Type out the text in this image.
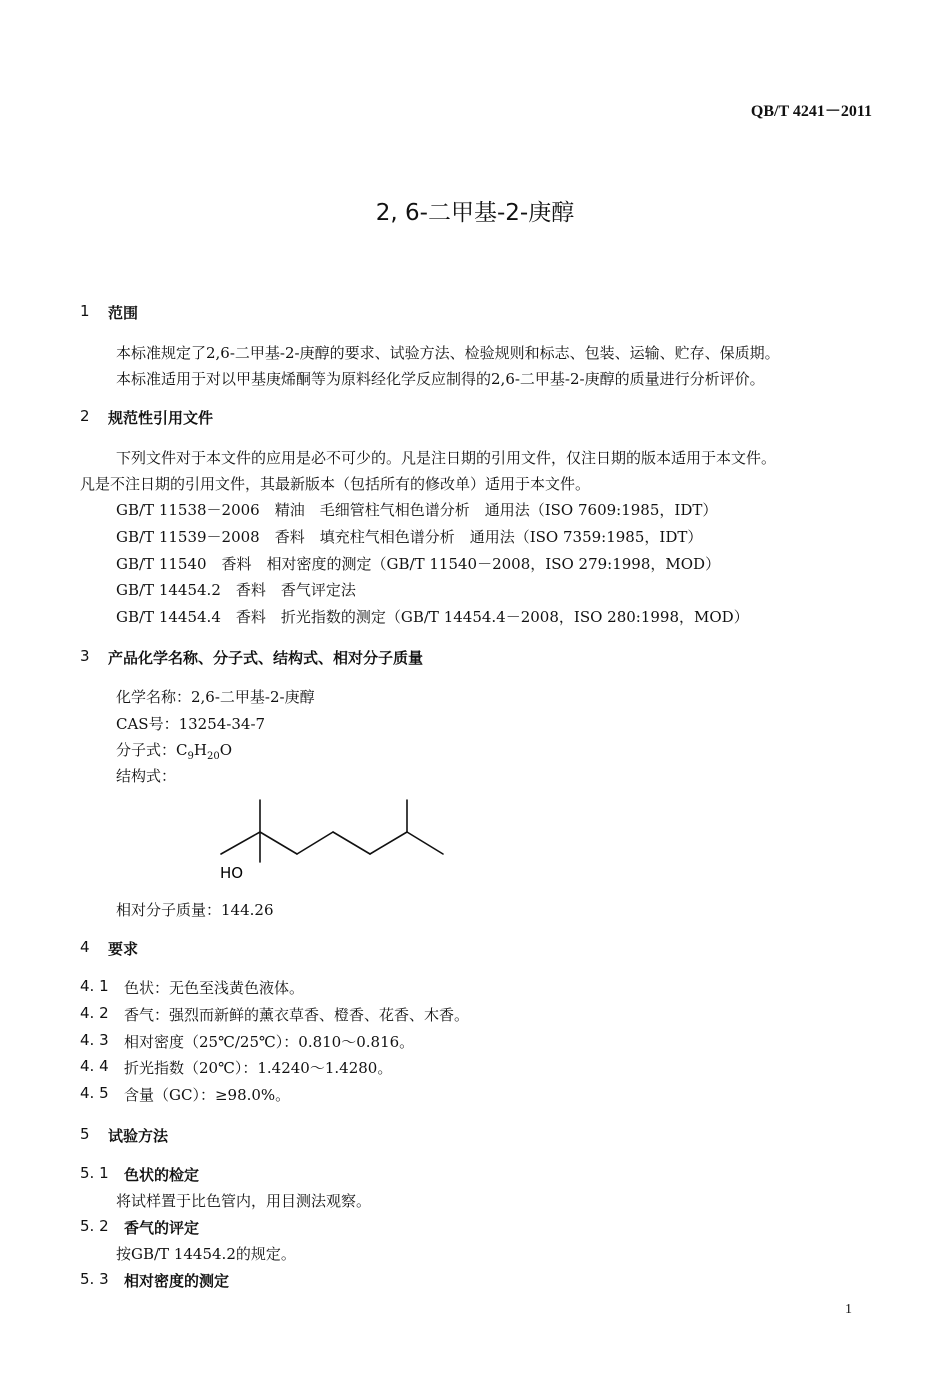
QB/T 4241－2011
2, 6-二甲基-2-庚醇
1 范围
本标准规定了2,6-二甲基-2-庚醇的要求、试验方法、检验规则和标志、包装、运输、贮存、保质期。
本标准适用于对以甲基庚烯酮等为原料经化学反应制得的2,6-二甲基-2-庚醇的质量进行分析评价。
2 规范性引用文件
下列文件对于本文件的应用是必不可少的。凡是注日期的引用文件，仅注日期的版本适用于本文件。
凡是不注日期的引用文件，其最新版本（包括所有的修改单）适用于本文件。
GB/T 11538－2006　精油　毛细管柱气相色谱分析　通用法（ISO 7609:1985，IDT）
GB/T 11539－2008　香料　填充柱气相色谱分析　通用法（ISO 7359:1985，IDT）
GB/T 11540　香料　相对密度的测定（GB/T 11540－2008，ISO 279:1998，MOD）
GB/T 14454.2　香料　香气评定法
GB/T 14454.4　香料　折光指数的测定（GB/T 14454.4－2008，ISO 280:1998，MOD）
3 产品化学名称、分子式、结构式、相对分子质量
化学名称：2,6-二甲基-2-庚醇
CAS号：13254-34-7
分子式：$C_9H_{20}O$
结构式：
HO
相对分子质量：144.26
4 要求
4. 1 色状：无色至浅黄色液体。
4. 2 香气：强烈而新鲜的薰衣草香、橙香、花香、木香。
4. 3 相对密度（25℃/25℃）：0.810～0.816。
4. 4 折光指数（20℃）：1.4240～1.4280。
4. 5 含量（GC）：≥98.0%。
5 试验方法
5. 1 色状的检定
将试样置于比色管内，用目测法观察。
5. 2 香气的评定
按GB/T 14454.2的规定。
5. 3 相对密度的测定
1
